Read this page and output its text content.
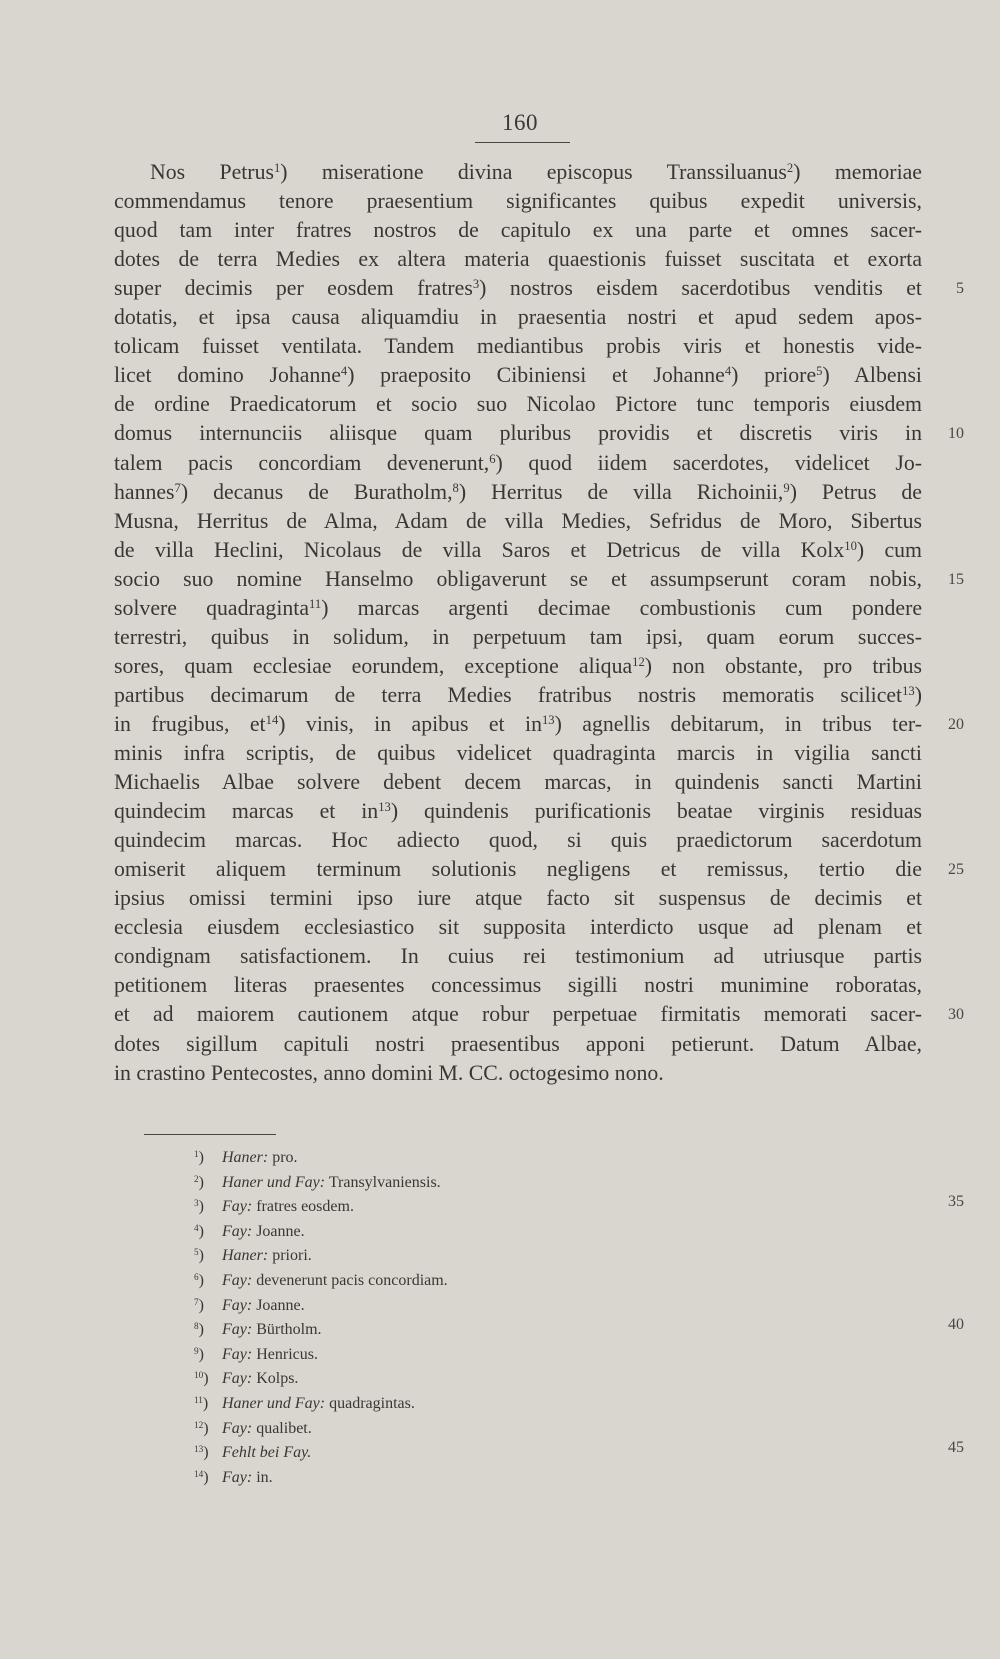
160
Nos Petrus$^1$) miseratione divina episcopus Transsiluanus$^2$) memoriae
commendamus tenore praesentium significantes quibus expedit universis,
quod tam inter fratres nostros de capitulo ex una parte et omnes sacer-
dotes de terra Medies ex altera materia quaestionis fuisset suscitata et exorta
super decimis per eosdem fratres$^3$) nostros eisdem sacerdotibus venditis et	5
dotatis, et ipsa causa aliquamdiu in praesentia nostri et apud sedem apos-
tolicam fuisset ventilata. Tandem mediantibus probis viris et honestis vide-
licet domino Johanne$^4$) praeposito Cibiniensi et Johanne$^4$) priore$^5$) Albensi
de ordine Praedicatorum et socio suo Nicolao Pictore tunc temporis eiusdem
domus internunciis aliisque quam pluribus providis et discretis viris in	10
talem pacis concordiam devenerunt,$^6$) quod iidem sacerdotes, videlicet Jo-
hannes$^7$) decanus de Buratholm,$^8$) Herritus de villa Richoinii,$^9$) Petrus de
Musna, Herritus de Alma, Adam de villa Medies, Sefridus de Moro, Sibertus
de villa Heclini, Nicolaus de villa Saros et Detricus de villa Kolx$^{10}$) cum
socio suo nomine Hanselmo obligaverunt se et assumpserunt coram nobis,	15
solvere quadraginta$^{11}$) marcas argenti decimae combustionis cum pondere
terrestri, quibus in solidum, in perpetuum tam ipsi, quam eorum succes-
sores, quam ecclesiae eorundem, exceptione aliqua$^{12}$) non obstante, pro tribus
partibus decimarum de terra Medies fratribus nostris memoratis scilicet$^{13}$)
in frugibus, $et^{14}$) vinis, in apibus et $in^{13}$) agnellis debitarum, in tribus ter-	20
minis infra scriptis, de quibus videlicet quadraginta marcis in vigilia sancti
Michaelis Albae solvere debent decem marcas, in quindenis sancti Martini
quindecim marcas et $in^{13}$) quindenis purificationis beatae virginis residuas
quindecim marcas. Hoc adiecto quod, si quis praedictorum sacerdotum
omiserit aliquem terminum solutionis negligens et remissus, tertio die	25
ipsius omissi termini ipso iure atque facto sit suspensus de decimis et
ecclesia eiusdem ecclesiastico sit supposita interdicto usque ad plenam et
condignam satisfactionem. In cuius rei testimonium ad utriusque partis
petitionem literas praesentes concessimus sigilli nostri munimine roboratas,
et ad maiorem cautionem atque robur perpetuae firmitatis memorati sacer-	30
dotes sigillum capituli nostri praesentibus apponi petierunt. Datum Albae,
in crastino Pentecostes, anno domini M. CC. octogesimo nono.
$^1$) Haner: pro.
$^2$) Haner und Fay: Transylvaniensis.
$^3$) Fay: fratres eosdem.	35
$^4$) Fay: Joanne.
$^5$) Haner: priori.
$^6$) Fay: devenerunt pacis concordiam.
$^7$) Fay: Joanne.
$^8$) Fay: Bürtholm.	40
$^9$) Fay: Henricus.
$^{10}$) Fay: Kolps.
$^{11}$) Haner und Fay: quadragintas.
$^{12}$) Fay: qualibet.
$^{13}$) Fehlt bei Fay.	45
$^{14}$) Fay: in.
